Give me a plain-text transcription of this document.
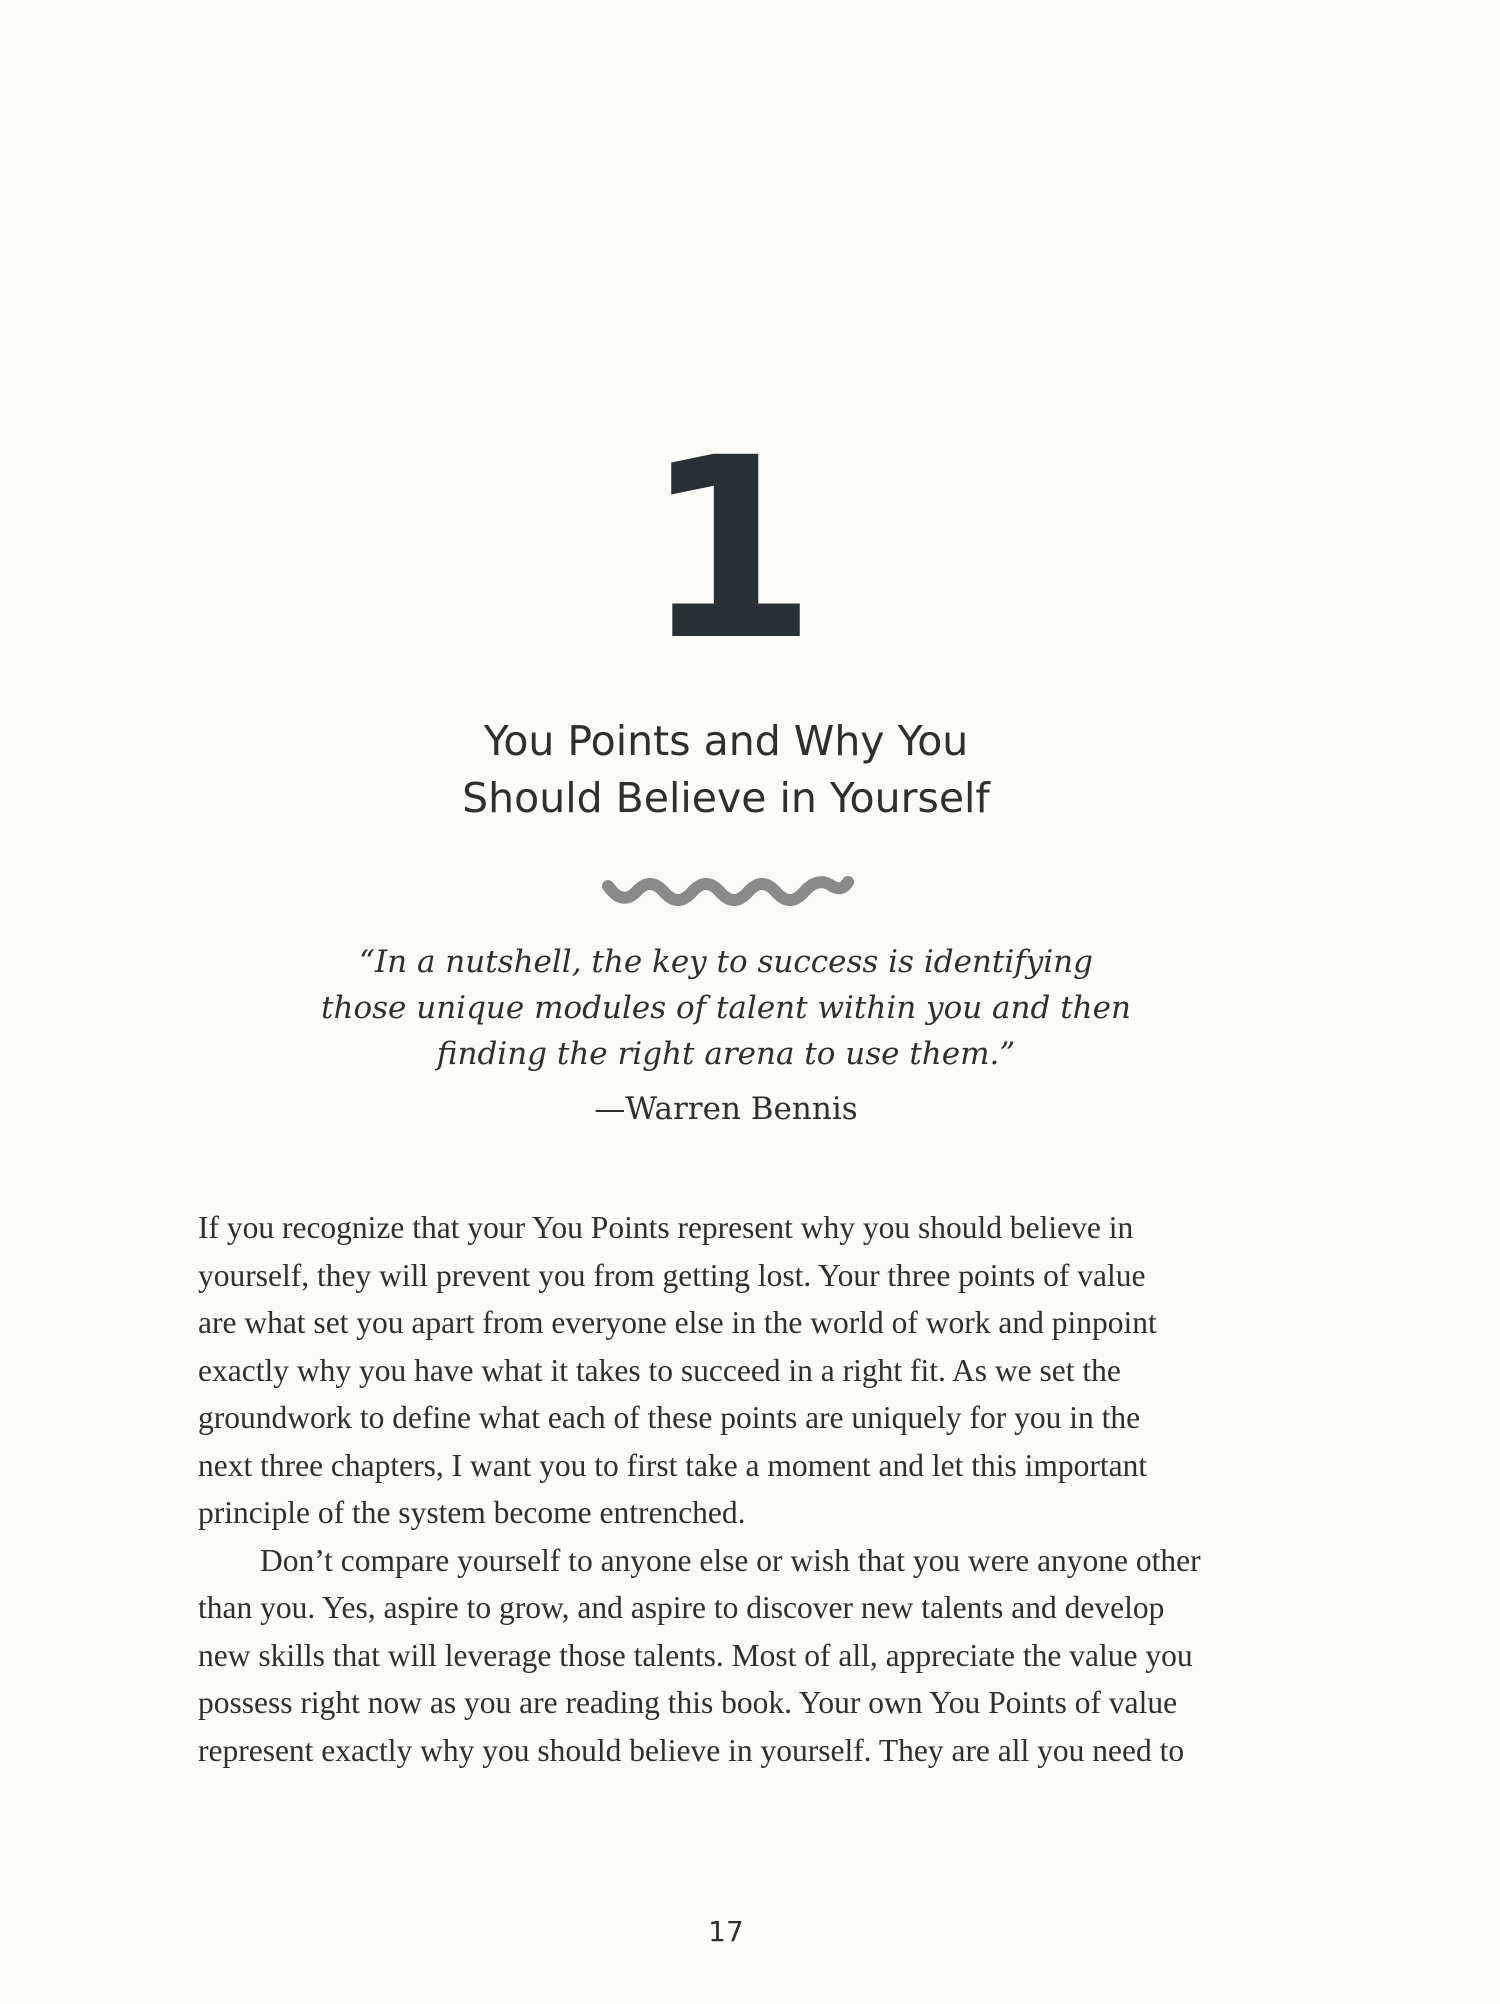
1
You Points and Why You
Should Believe in Yourself
“In a nutshell, the key to success is identifying
those unique modules of talent within you and then
finding the right arena to use them.”
—Warren Bennis
If you recognize that your You Points represent why you should believe in
yourself, they will prevent you from getting lost. Your three points of value
are what set you apart from everyone else in the world of work and pinpoint
exactly why you have what it takes to succeed in a right fit. As we set the
groundwork to define what each of these points are uniquely for you in the
next three chapters, I want you to first take a moment and let this important
principle of the system become entrenched.
Don’t compare yourself to anyone else or wish that you were anyone other
than you. Yes, aspire to grow, and aspire to discover new talents and develop
new skills that will leverage those talents. Most of all, appreciate the value you
possess right now as you are reading this book. Your own You Points of value
represent exactly why you should believe in yourself. They are all you need to
17
